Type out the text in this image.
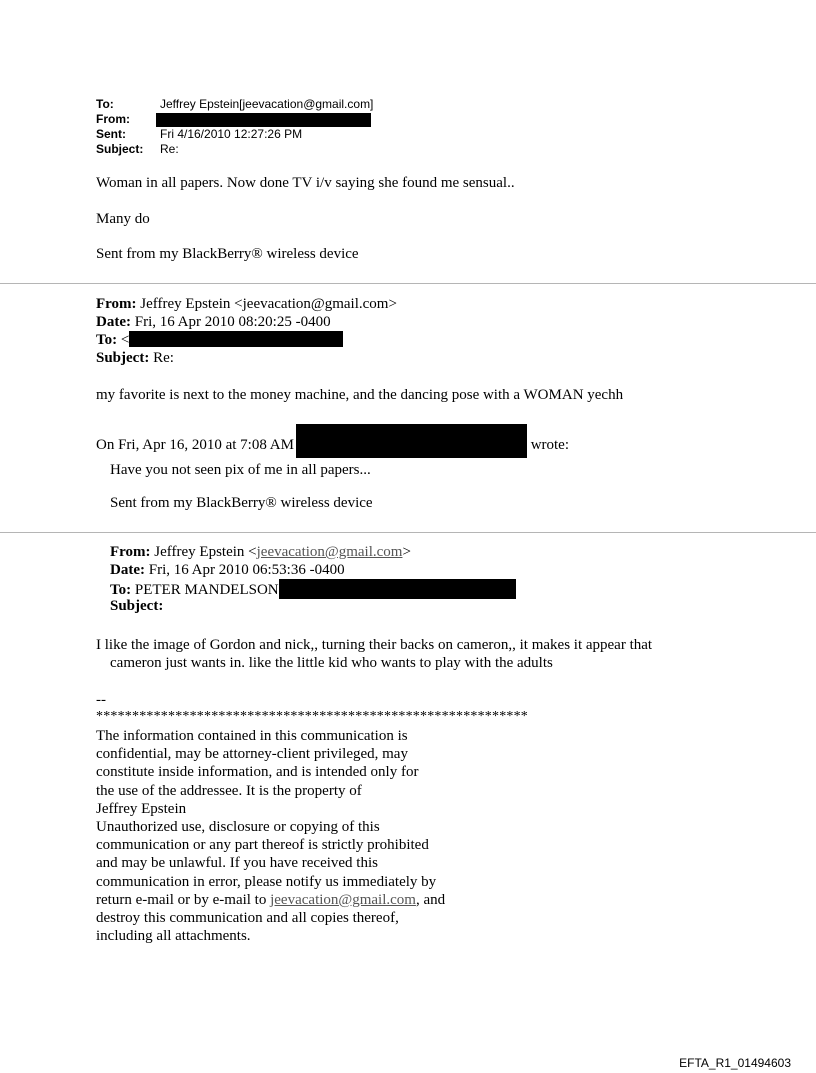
To:	Jeffrey Epstein[jeevacation@gmail.com]
From:
Sent:	Fri 4/16/2010 12:27:26 PM
Subject:	Re:
Woman in all papers. Now done TV i/v saying she found me sensual..
Many do
Sent from my BlackBerry® wireless device
From: Jeffrey Epstein <jeevacation@gmail.com>
Date: Fri, 16 Apr 2010 08:20:25 -0400
To: <
Subject: Re:
my favorite is next to the money machine, and the dancing pose with a WOMAN yechh
On Fri, Apr 16, 2010 at 7:08 AM	wrote:
Have you not seen pix of me in all papers...
Sent from my BlackBerry® wireless device
From: Jeffrey Epstein <jeevacation@gmail.com>
Date: Fri, 16 Apr 2010 06:53:36 -0400
To: PETER MANDELSON
Subject:
I like the image of Gordon and nick,, turning their backs on cameron,, it makes it appear that
cameron just wants in. like the little kid who wants to play with the adults
--
************************************************************
The information contained in this communication is
confidential, may be attorney-client privileged, may
constitute inside information, and is intended only for
the use of the addressee. It is the property of
Jeffrey Epstein
Unauthorized use, disclosure or copying of this
communication or any part thereof is strictly prohibited
and may be unlawful. If you have received this
communication in error, please notify us immediately by
return e-mail or by e-mail to jeevacation@gmail.com, and
destroy this communication and all copies thereof,
including all attachments.
EFTA_R1_01494603
